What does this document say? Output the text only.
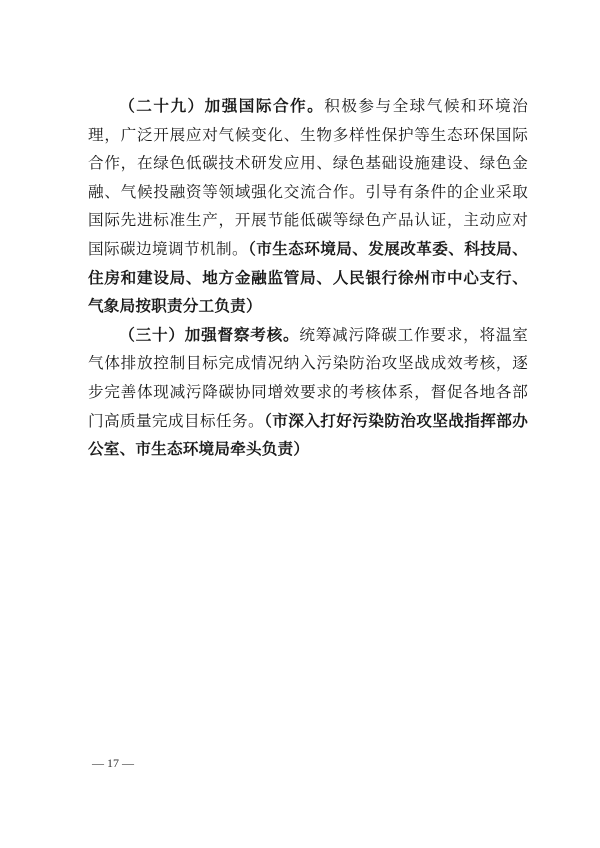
（二十九）加强国际合作。积极参与全球气候和环境治理，广泛开展应对气候变化、生物多样性保护等生态环保国际合作，在绿色低碳技术研发应用、绿色基础设施建设、绿色金融、气候投融资等领域强化交流合作。引导有条件的企业采取国际先进标准生产，开展节能低碳等绿色产品认证，主动应对国际碳边境调节机制。（市生态环境局、发展改革委、科技局、住房和建设局、地方金融监管局、人民银行徐州市中心支行、气象局按职责分工负责）

（三十）加强督察考核。统筹减污降碳工作要求，将温室气体排放控制目标完成情况纳入污染防治攻坚战成效考核，逐步完善体现减污降碳协同增效要求的考核体系，督促各地各部门高质量完成目标任务。（市深入打好污染防治攻坚战指挥部办公室、市生态环境局牵头负责）

— 17 —
